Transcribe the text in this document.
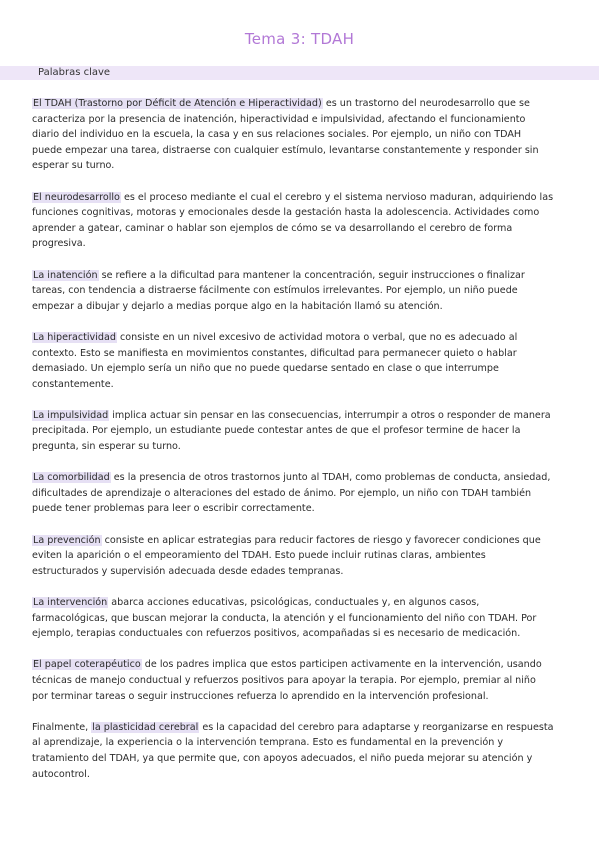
Tema 3: TDAH
Palabras clave

El TDAH (Trastorno por Déficit de Atención e Hiperactividad) es un trastorno del neurodesarrollo que se caracteriza por la presencia de inatención, hiperactividad e impulsividad, afectando el funcionamiento diario del individuo en la escuela, la casa y en sus relaciones sociales. Por ejemplo, un niño con TDAH puede empezar una tarea, distraerse con cualquier estímulo, levantarse constantemente y responder sin esperar su turno.

El neurodesarrollo es el proceso mediante el cual el cerebro y el sistema nervioso maduran, adquiriendo las funciones cognitivas, motoras y emocionales desde la gestación hasta la adolescencia. Actividades como aprender a gatear, caminar o hablar son ejemplos de cómo se va desarrollando el cerebro de forma progresiva.

La inatención se refiere a la dificultad para mantener la concentración, seguir instrucciones o finalizar tareas, con tendencia a distraerse fácilmente con estímulos irrelevantes. Por ejemplo, un niño puede empezar a dibujar y dejarlo a medias porque algo en la habitación llamó su atención.

La hiperactividad consiste en un nivel excesivo de actividad motora o verbal, que no es adecuado al contexto. Esto se manifiesta en movimientos constantes, dificultad para permanecer quieto o hablar demasiado. Un ejemplo sería un niño que no puede quedarse sentado en clase o que interrumpe constantemente.

La impulsividad implica actuar sin pensar en las consecuencias, interrumpir a otros o responder de manera precipitada. Por ejemplo, un estudiante puede contestar antes de que el profesor termine de hacer la pregunta, sin esperar su turno.

La comorbilidad es la presencia de otros trastornos junto al TDAH, como problemas de conducta, ansiedad, dificultades de aprendizaje o alteraciones del estado de ánimo. Por ejemplo, un niño con TDAH también puede tener problemas para leer o escribir correctamente.

La prevención consiste en aplicar estrategias para reducir factores de riesgo y favorecer condiciones que eviten la aparición o el empeoramiento del TDAH. Esto puede incluir rutinas claras, ambientes estructurados y supervisión adecuada desde edades tempranas.

La intervención abarca acciones educativas, psicológicas, conductuales y, en algunos casos, farmacológicas, que buscan mejorar la conducta, la atención y el funcionamiento del niño con TDAH. Por ejemplo, terapias conductuales con refuerzos positivos, acompañadas si es necesario de medicación.

El papel coterapéutico de los padres implica que estos participen activamente en la intervención, usando técnicas de manejo conductual y refuerzos positivos para apoyar la terapia. Por ejemplo, premiar al niño por terminar tareas o seguir instrucciones refuerza lo aprendido en la intervención profesional.

Finalmente, la plasticidad cerebral es la capacidad del cerebro para adaptarse y reorganizarse en respuesta al aprendizaje, la experiencia o la intervención temprana. Esto es fundamental en la prevención y tratamiento del TDAH, ya que permite que, con apoyos adecuados, el niño pueda mejorar su atención y autocontrol.
